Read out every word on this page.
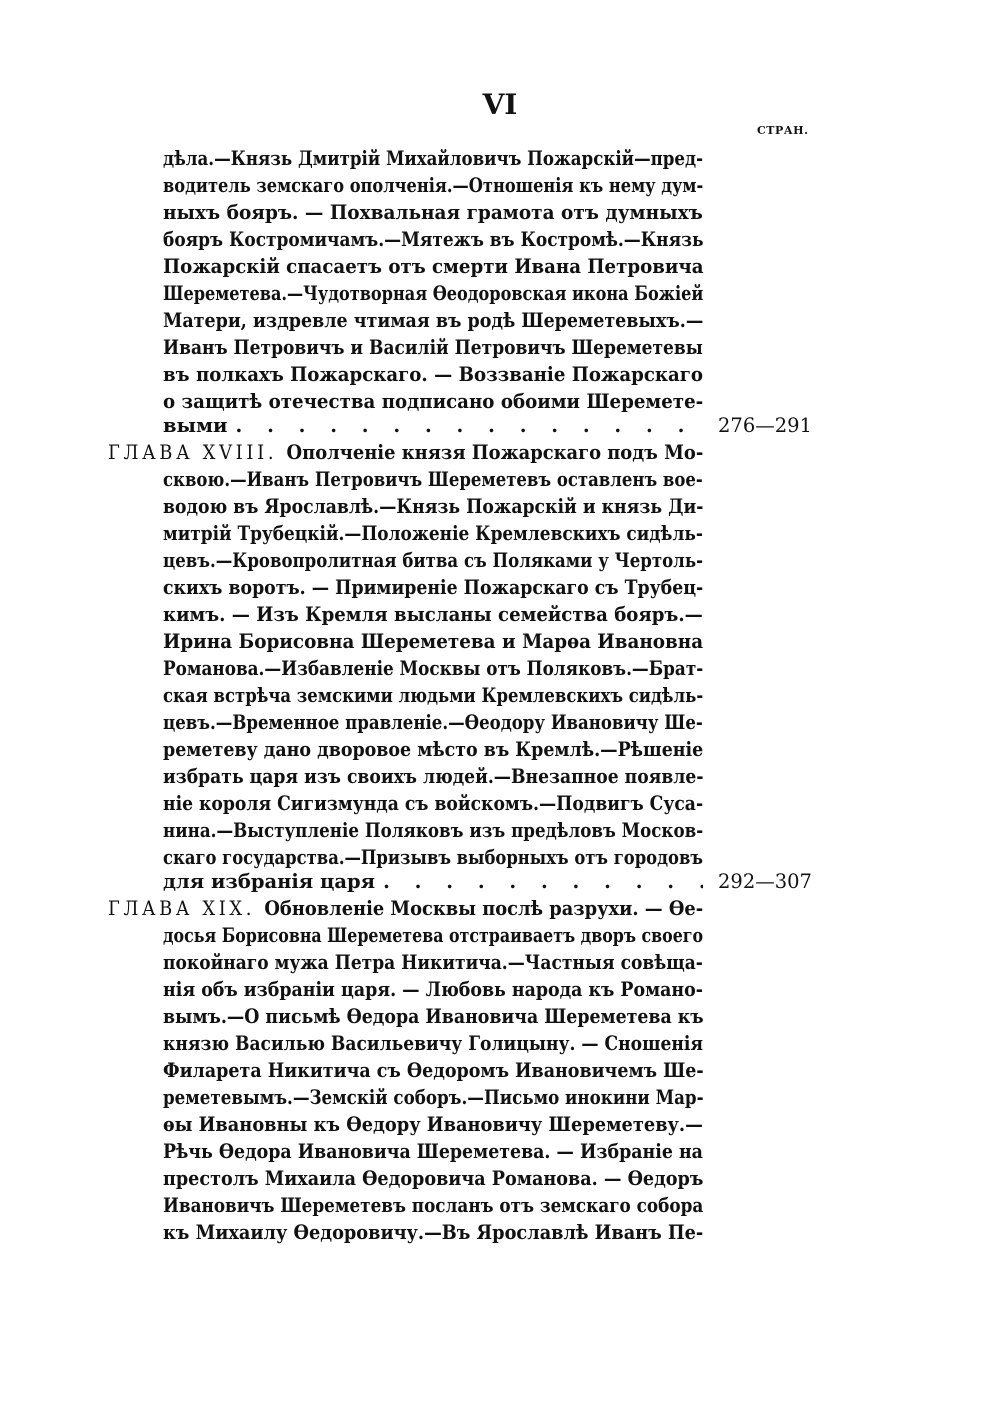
VI
СТРАН.
дѣла.—Князь Дмитрій Михайловичъ Пожарскій—пред-
водитель земскаго ополченія.—Отношенія къ нему дум-
ныхъ бояръ. — Похвальная грамота отъ думныхъ
бояръ Костромичамъ.—Мятежъ въ Костромѣ.—Князь
Пожарскій спасаетъ отъ смерти Ивана Петровича
Шереметева.—Чудотворная Ѳеодоровская икона Божіей
Матери, издревле чтимая въ родѣ Шереметевыхъ.—
Иванъ Петровичъ и Василій Петровичъ Шереметевы
въ полкахъ Пожарскаго. — Воззваніе Пожарскаго
о защитѣ отечества подписано обоими Шереметe-
выми . . .	276—291
ГЛАВА XVIII. Ополченіе князя Пожарскаго подъ Мо-
сквою.—Иванъ Петровичъ Шереметевъ оставленъ вое-
водою въ Ярославлѣ.—Князь Пожарскій и князь Ди-
митрій Трубецкій.—Положеніе Кремлевскихъ сидѣль-
цевъ.—Кровопролитная битва съ Поляками у Чертоль-
скихъ воротъ. — Примиреніе Пожарскаго съ Трубец-
кимъ. — Изъ Кремля высланы семейства бояръ.—
Ирина Борисовна Шереметева и Марѳа Ивановна
Романова.—Избавленіе Москвы отъ Поляковъ.—Брат-
ская встрѣча земскими людьми Кремлевскихъ сидѣль-
цевъ.—Временное правленіе.—Ѳеодору Ивановичу Ше-
реметеву дано дворовое мѣсто въ Кремлѣ.—Рѣшеніе
избрать царя изъ своихъ людей.—Внезапное появле-
ніе короля Сигизмунда съ войскомъ.—Подвигъ Суса-
нина.—Выступленіе Поляковъ изъ предѣловъ Москов-
скаго государства.—Призывъ выборныхъ отъ городовъ
для избранія царя . . .	292—307
ГЛАВА XIX. Обновленіе Москвы послѣ разрухи. — Ѳе-
досья Борисовна Шереметева отстраиваетъ дворъ своего
покойнаго мужа Петра Никитича.—Частныя совѣща-
нія объ избраніи царя. — Любовь народа къ Романо-
вымъ.—О письмѣ Ѳедора Ивановича Шереметева къ
князю Василью Васильевичу Голицыну. — Сношенія
Филарета Никитича съ Ѳедоромъ Ивановичемъ Ше-
реметевымъ.—Земскій соборъ.—Письмо инокини Мар-
ѳы Ивановны къ Ѳедору Ивановичу Шереметеву.—
Рѣчь Ѳедора Ивановича Шереметева. — Избраніе на
престолъ Михаила Ѳедоровича Романова. — Ѳедоръ
Ивановичъ Шереметевъ посланъ отъ земскаго собора
къ Михаилу Ѳедоровичу.—Въ Ярославлѣ Иванъ Пе-
